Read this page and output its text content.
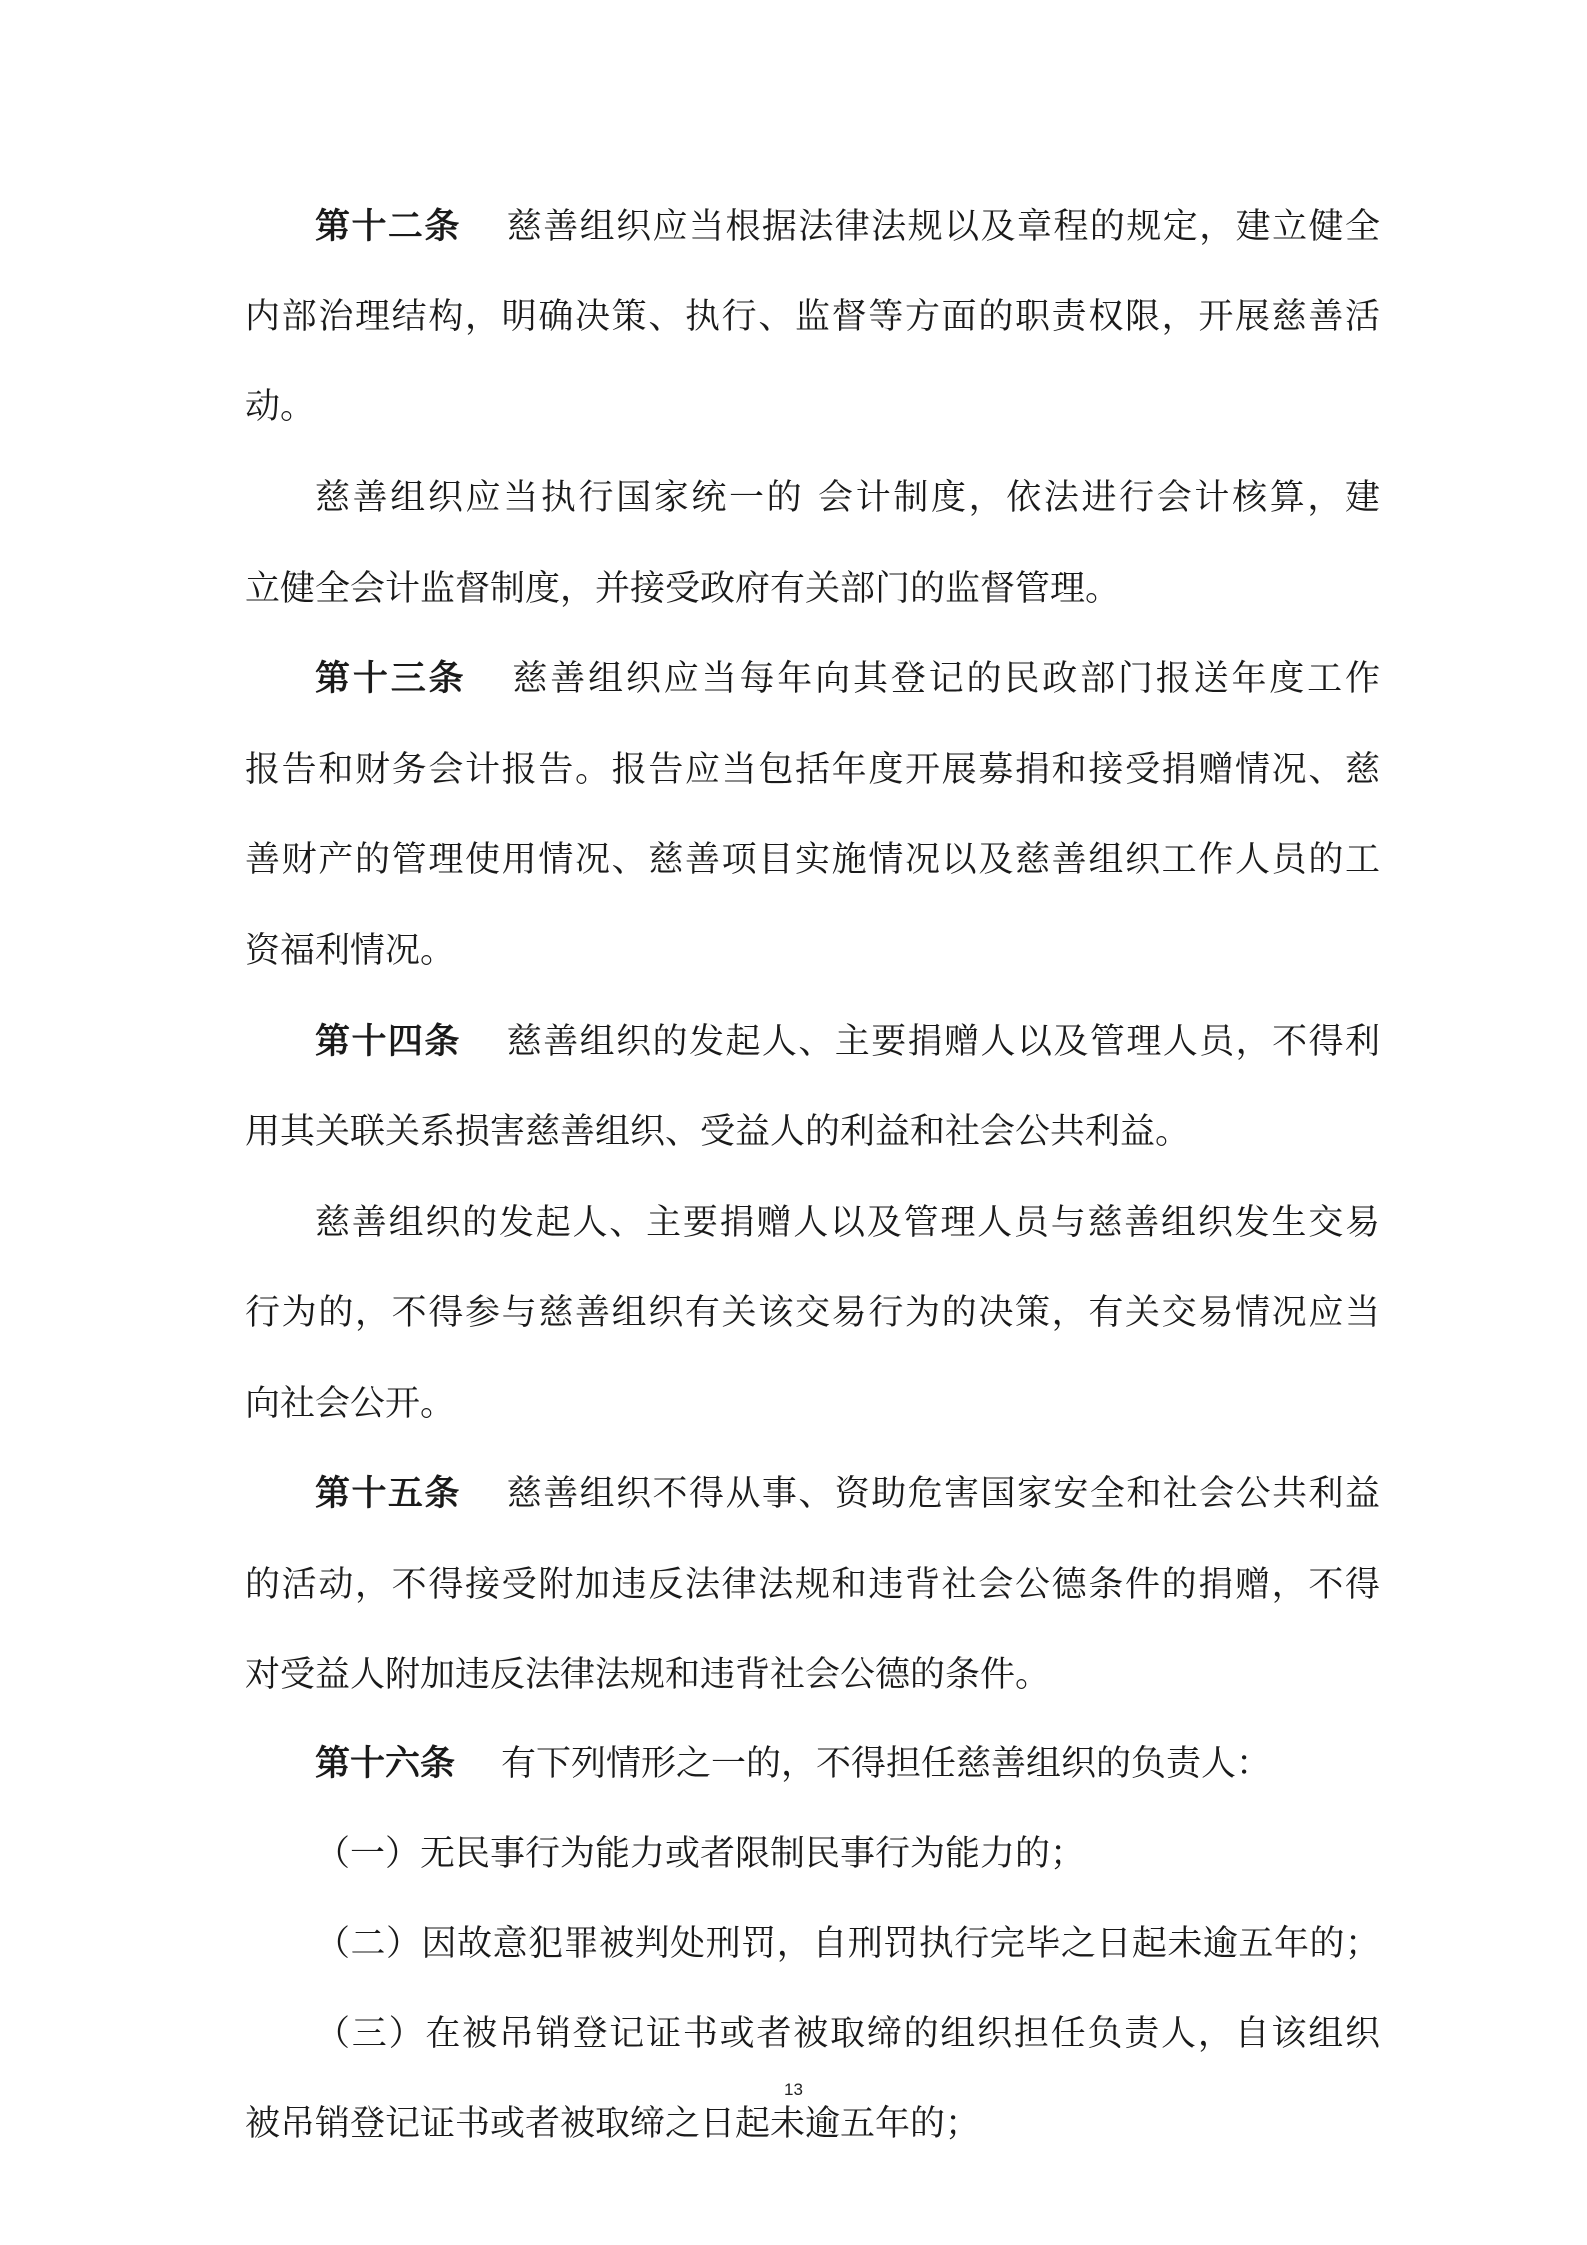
第十二条 慈善组织应当根据法律法规以及章程的规定，建立健全
内部治理结构，明确决策、执行、监督等方面的职责权限，开展慈善活
动。
慈善组织应当执行国家统一的 会计制度，依法进行会计核算，建
立健全会计监督制度，并接受政府有关部门的监督管理。
第十三条 慈善组织应当每年向其登记的民政部门报送年度工作
报告和财务会计报告。报告应当包括年度开展募捐和接受捐赠情况、慈
善财产的管理使用情况、慈善项目实施情况以及慈善组织工作人员的工
资福利情况。
第十四条 慈善组织的发起人、主要捐赠人以及管理人员，不得利
用其关联关系损害慈善组织、受益人的利益和社会公共利益。
慈善组织的发起人、主要捐赠人以及管理人员与慈善组织发生交易
行为的，不得参与慈善组织有关该交易行为的决策，有关交易情况应当
向社会公开。
第十五条 慈善组织不得从事、资助危害国家安全和社会公共利益
的活动，不得接受附加违反法律法规和违背社会公德条件的捐赠，不得
对受益人附加违反法律法规和违背社会公德的条件。
第十六条 有下列情形之一的，不得担任慈善组织的负责人：
（一）无民事行为能力或者限制民事行为能力的；
（二）因故意犯罪被判处刑罚，自刑罚执行完毕之日起未逾五年的；
（三）在被吊销登记证书或者被取缔的组织担任负责人，自该组织
被吊销登记证书或者被取缔之日起未逾五年的；
13
